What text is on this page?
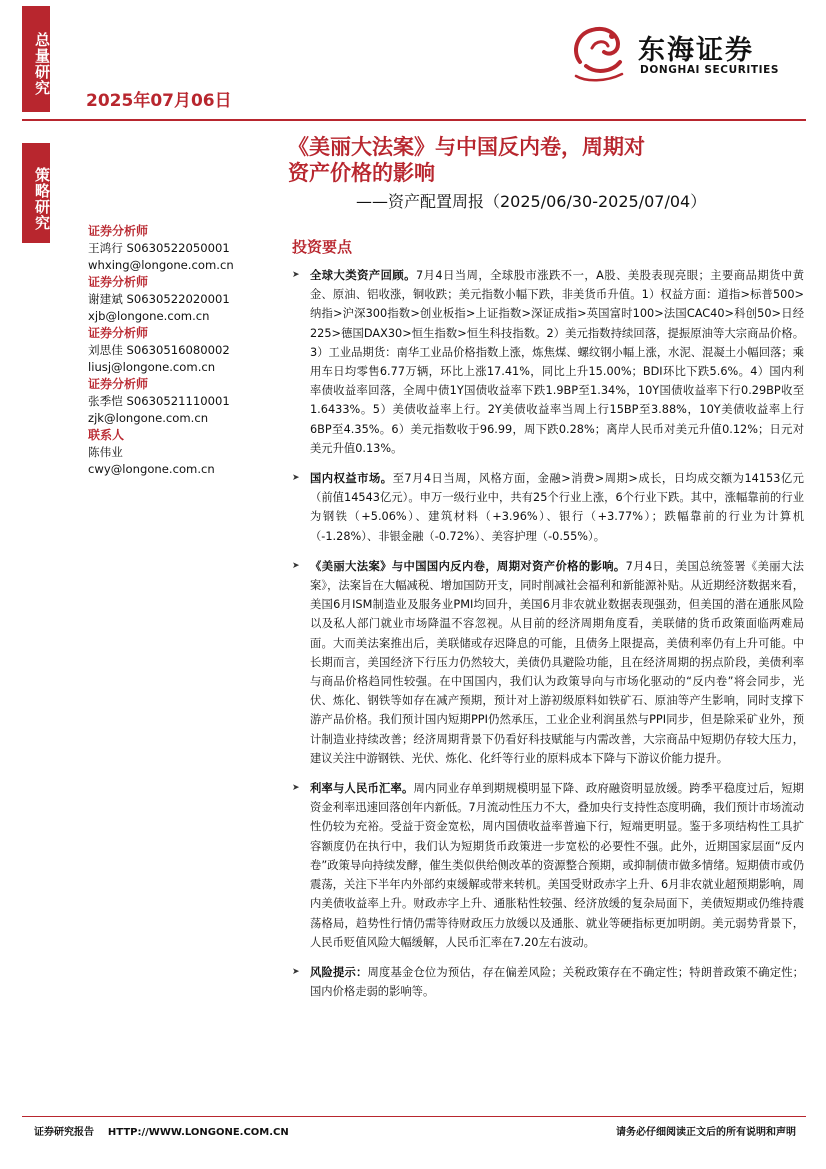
总量研究
策略研究
2025年07月06日
东海证券
DONGHAI SECURITIES
《美丽大法案》与中国反内卷，周期对
资产价格的影响
——资产配置周报（2025/06/30-2025/07/04）
证券分析师
王鸿行 S0630522050001
whxing@longone.com.cn
证券分析师
谢建斌 S0630522020001
xjb@longone.com.cn
证券分析师
刘思佳 S0630516080002
liusj@longone.com.cn
证券分析师
张季恺 S0630521110001
zjk@longone.com.cn
联系人
陈伟业
cwy@longone.com.cn
投资要点
➤ 全球大类资产回顾。7月4日当周，全球股市涨跌不一，A股、美股表现亮眼；主要商品期货中黄金、原油、铝收涨，铜收跌；美元指数小幅下跌，非美货币升值。1）权益方面：道指>标普500>纳指>沪深300指数>创业板指>上证指数>深证成指>英国富时100>法国CAC40>科创50>日经225>德国DAX30>恒生指数>恒生科技指数。2）美元指数持续回落，提振原油等大宗商品价格。3）工业品期货：南华工业品价格指数上涨，炼焦煤、螺纹钢小幅上涨，水泥、混凝土小幅回落；乘用车日均零售6.77万辆，环比上涨17.41%，同比上升15.00%；BDI环比下跌5.6%。4）国内利率债收益率回落，全周中债1Y国债收益率下跌1.9BP至1.34%，10Y国债收益率下行0.29BP收至1.6433%。5）美债收益率上行。2Y美债收益率当周上行15BP至3.88%，10Y美债收益率上行6BP至4.35%。6）美元指数收于96.99，周下跌0.28%；离岸人民币对美元升值0.12%；日元对美元升值0.13%。
➤ 国内权益市场。至7月4日当周，风格方面，金融>消费>周期>成长，日均成交额为14153亿元（前值14543亿元）。申万一级行业中，共有25个行业上涨，6个行业下跌。其中，涨幅靠前的行业为钢铁（+5.06%）、建筑材料（+3.96%）、银行（+3.77%）；跌幅靠前的行业为计算机（-1.28%）、非银金融（-0.72%）、美容护理（-0.55%）。
➤ 《美丽大法案》与中国国内反内卷，周期对资产价格的影响。7月4日，美国总统签署《美丽大法案》，法案旨在大幅减税、增加国防开支，同时削减社会福利和新能源补贴。从近期经济数据来看，美国6月ISM制造业及服务业PMI均回升，美国6月非农就业数据表现强劲，但美国的潜在通胀风险以及私人部门就业市场降温不容忽视。从目前的经济周期角度看，美联储的货币政策面临两难局面。大而美法案推出后，美联储或存迟降息的可能，且债务上限提高，美债利率仍有上升可能。中长期而言，美国经济下行压力仍然较大，美债仍具避险功能，且在经济周期的拐点阶段，美债利率与商品价格趋同性较强。在中国国内，我们认为政策导向与市场化驱动的“反内卷”将会同步，光伏、炼化、钢铁等如存在减产预期，预计对上游初级原料如铁矿石、原油等产生影响，同时支撑下游产品价格。我们预计国内短期PPI仍然承压，工业企业利润虽然与PPI同步，但是除采矿业外，预计制造业持续改善；经济周期背景下仍看好科技赋能与内需改善，大宗商品中短期仍存较大压力，建议关注中游钢铁、光伏、炼化、化纤等行业的原料成本下降与下游议价能力提升。
➤ 利率与人民币汇率。周内同业存单到期规模明显下降、政府融资明显放缓。跨季平稳度过后，短期资金利率迅速回落创年内新低。7月流动性压力不大，叠加央行支持性态度明确，我们预计市场流动性仍较为充裕。受益于资金宽松，周内国债收益率普遍下行，短端更明显。鉴于多项结构性工具扩容额度仍在执行中，我们认为短期货币政策进一步宽松的必要性不强。此外，近期国家层面“反内卷”政策导向持续发酵，催生类似供给侧改革的资源整合预期，或抑制债市做多情绪。短期债市或仍震荡，关注下半年内外部约束缓解或带来转机。美国受财政赤字上升、6月非农就业超预期影响，周内美债收益率上升。财政赤字上升、通胀粘性较强、经济放缓的复杂局面下，美债短期或仍维持震荡格局，趋势性行情仍需等待财政压力放缓以及通胀、就业等硬指标更加明朗。美元弱势背景下，人民币贬值风险大幅缓解，人民币汇率在7.20左右波动。
➤ 风险提示：周度基金仓位为预估，存在偏差风险；关税政策存在不确定性；特朗普政策不确定性；国内价格走弱的影响等。
证券研究报告    HTTP://WWW.LONGONE.COM.CN	请务必仔细阅读正文后的所有说明和声明
